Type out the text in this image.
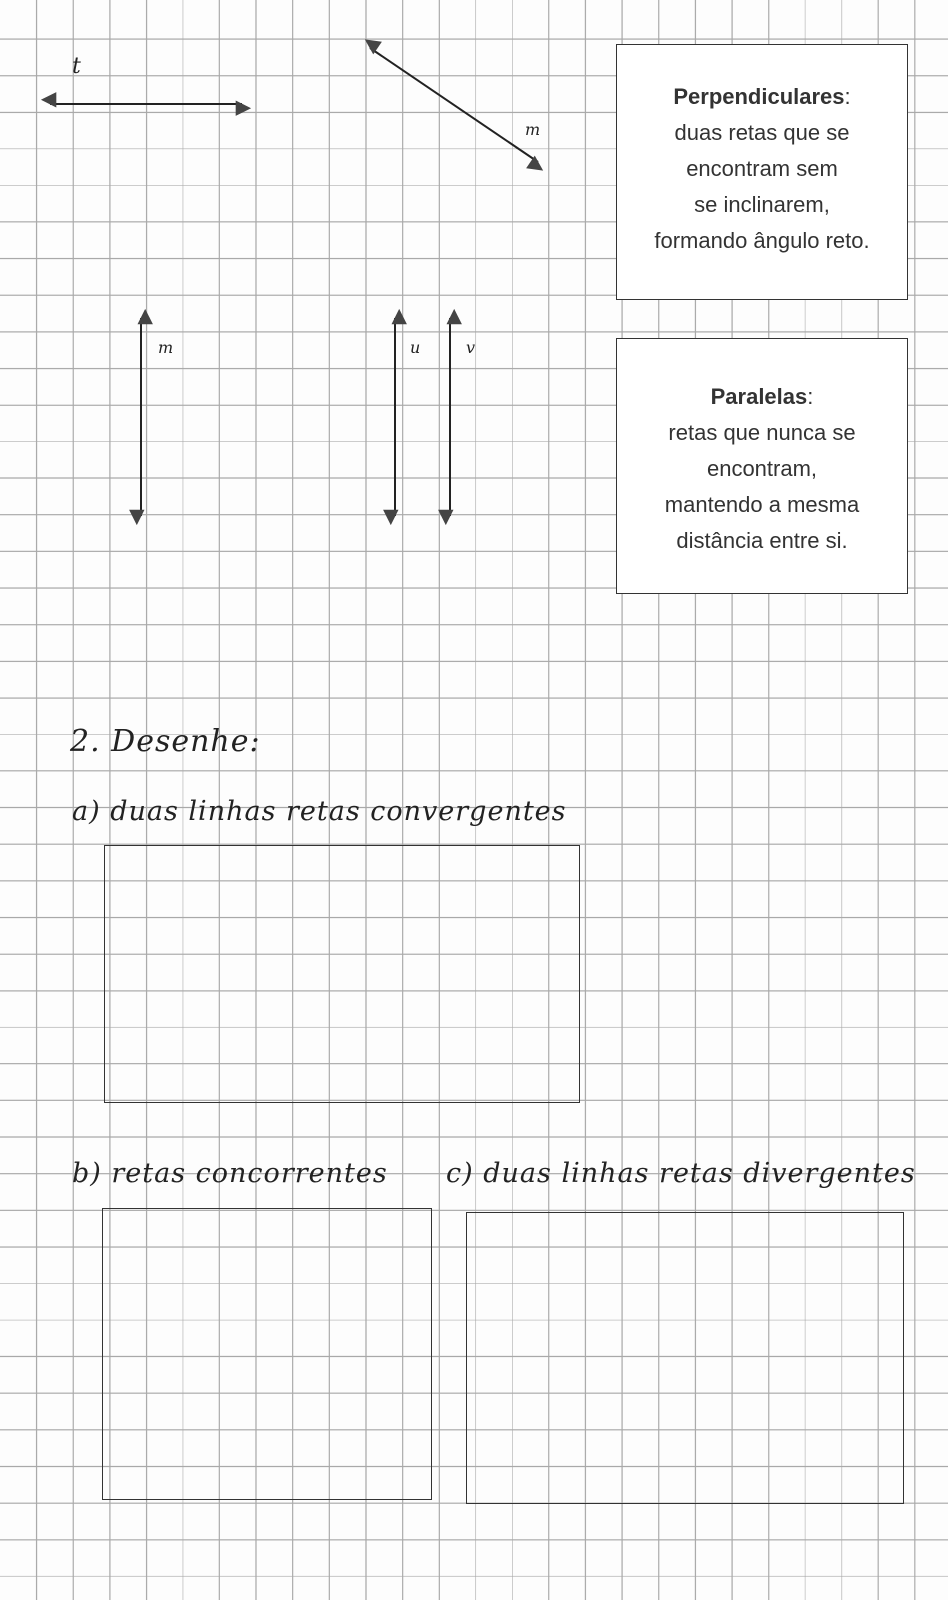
t
m
m	u	v
Perpendiculares:
duas retas que se
encontram sem
se inclinarem,
formando ângulo reto.
Paralelas:
retas que nunca se
encontram,
mantendo a mesma
distância entre si.
2. Desenhe:
a) duas linhas retas convergentes
b) retas concorrentes c) duas linhas retas divergentes
